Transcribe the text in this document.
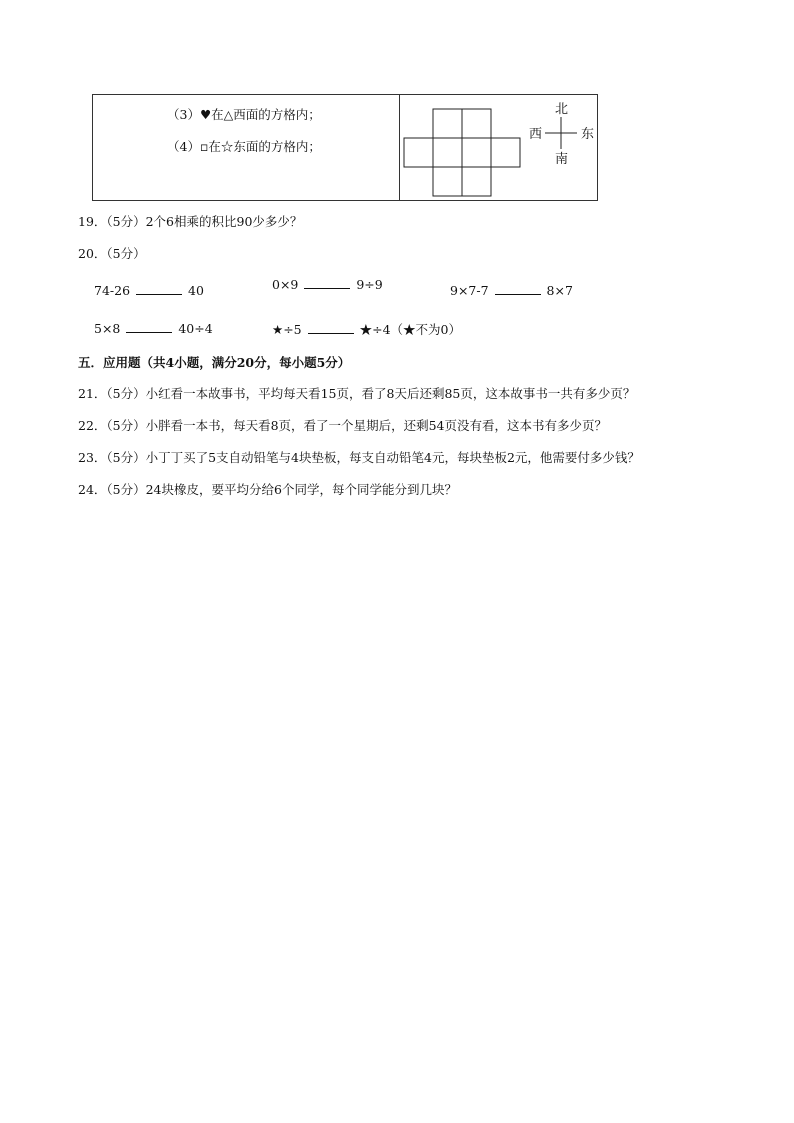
（3）♥在△西面的方格内；
（4）▫在☆东面的方格内；
北
南
西	东
19．（5分）2个6相乘的积比90少多少？
20．（5分）
74-26	40	0×9	9÷9	9×7-7	8×7
5×8	40÷4	★÷5	★÷4（★不为0）
五．应用题（共4小题，满分20分，每小题5分）
21．（5分）小红看一本故事书，平均每天看15页，看了8天后还剩85页，这本故事书一共有多少页？
22．（5分）小胖看一本书，每天看8页，看了一个星期后，还剩54页没有看，这本书有多少页？
23．（5分）小丁丁买了5支自动铅笔与4块垫板，每支自动铅笔4元，每块垫板2元，他需要付多少钱？
24．（5分）24块橡皮，要平均分给6个同学，每个同学能分到几块？
